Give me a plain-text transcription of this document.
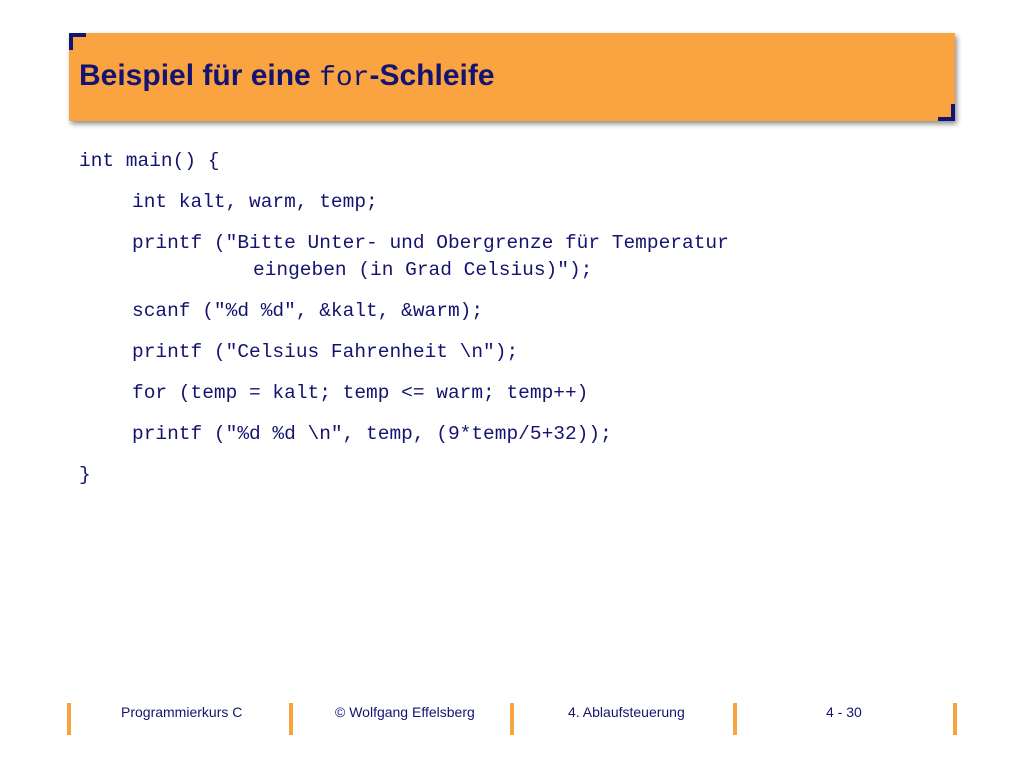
Beispiel für eine for-Schleife
int main() {
int kalt, warm, temp;
printf ("Bitte Unter- und Obergrenze für Temperatur
eingeben (in Grad Celsius)");
scanf ("%d %d", &kalt, &warm);
printf ("Celsius Fahrenheit \n");
for (temp = kalt; temp <= warm; temp++)
printf ("%d %d \n", temp, (9*temp/5+32));
}
Programmierkurs C	© Wolfgang Effelsberg	4. Ablaufsteuerung	4 - 30
